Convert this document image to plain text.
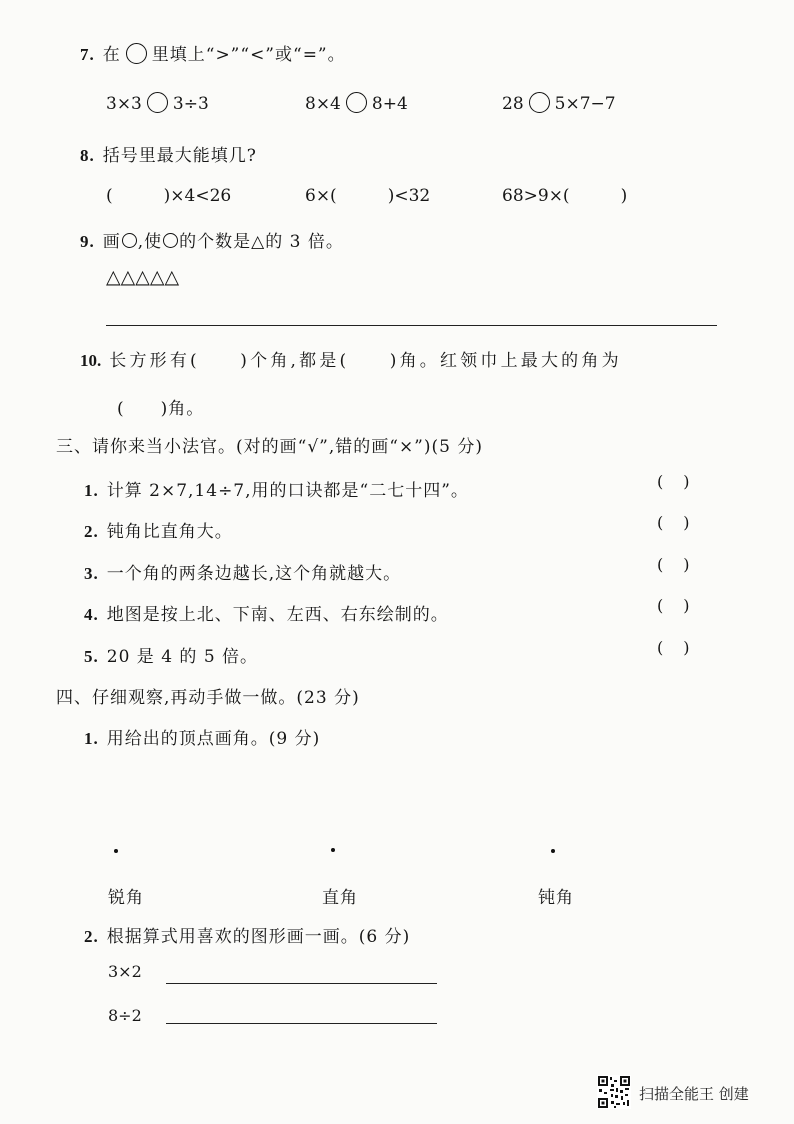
7. 在 里填上“>”“<”或“=”。
3×3 3÷3	8×4 8+4	28 5×7−7
8. 括号里最大能填几?
(　　　)×4<26	6×(　　　)<32	68>9×(　　　)
9. 画 ,使 的个数是△的 3 倍。
△△△△△
10. 长方形有(　　)个角,都是(　　)角。红领巾上最大的角为
(　　)角。
三、请你来当小法官。(对的画“√”,错的画“×”)(5 分)
1. 计算 2×7,14÷7,用的口诀都是“二七十四”。	()
2. 钝角比直角大。	()
3. 一个角的两条边越长,这个角就越大。	()
4. 地图是按上北、下南、左西、右东绘制的。	()
5. 20 是 4 的 5 倍。	()
四、仔细观察,再动手做一做。(23 分)
1. 用给出的顶点画角。(9 分)
锐角	直角	钝角
2. 根据算式用喜欢的图形画一画。(6 分)
3×2
8÷2
扫描全能王 创建
